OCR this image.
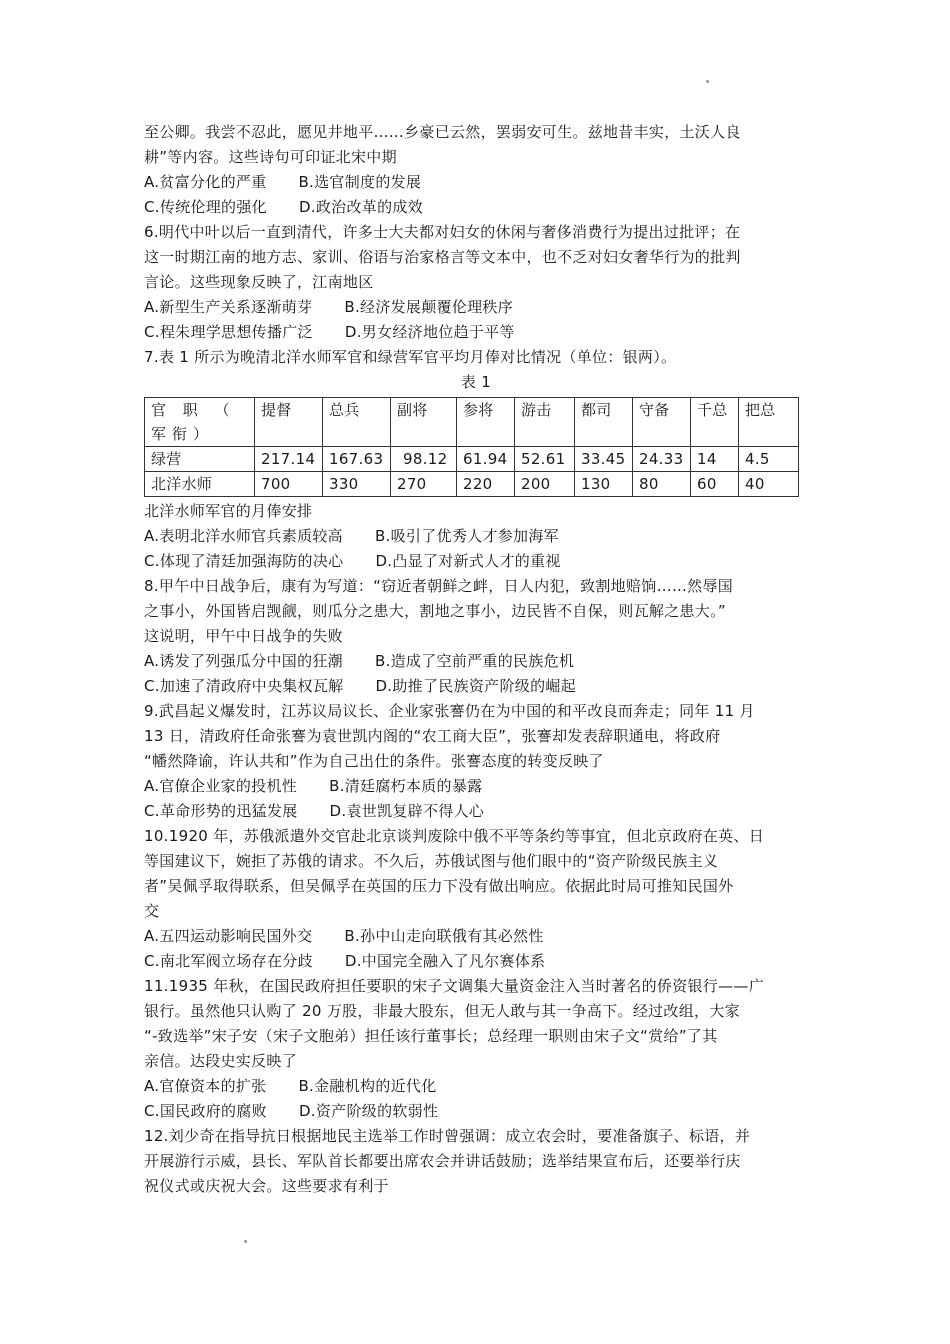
至公卿。我尝不忍此，愿见井地平……乡豪已云然，罢弱安可生。兹地昔丰实，土沃人良

耕”等内容。这些诗句可印证北宋中期

A.贫富分化的严重 B.选官制度的发展
C.传统伦理的强化 D.政治改革的成效

6.明代中叶以后一直到清代，许多士大夫都对妇女的休闲与奢侈消费行为提出过批评；在

这一时期江南的地方志、家训、俗语与治家格言等文本中，也不乏对妇女奢华行为的批判

言论。这些现象反映了，江南地区

A.新型生产关系逐渐萌芽 B.经济发展颠覆伦理秩序
C.程朱理学思想传播广泛 D.男女经济地位趋于平等

7.表 1 所示为晚清北洋水师军官和绿营军官平均月俸对比情况（单位：银两）。

表 1

官 职 （ 军衔）	提督	总兵	副将	参将	游击	都司	守备	千总	把总
绿营	217.14	167.63	98.12	61.94	52.61	33.45	24.33	14	4.5
北洋水师	700	330	270	220	200	130	80	60	40

北洋水师军官的月俸安排

A.表明北洋水师官兵素质较高 B.吸引了优秀人才参加海军
C.体现了清廷加强海防的决心 D.凸显了对新式人才的重视

8.甲午中日战争后，康有为写道：“窃近者朝鲜之衅，日人内犯，致割地赔饷……然辱国

之事小，外国皆启觊觎，则瓜分之患大，割地之事小，边民皆不自保，则瓦解之患大。”

这说明，甲午中日战争的失败

A.诱发了列强瓜分中国的狂潮 B.造成了空前严重的民族危机
C.加速了清政府中央集权瓦解 D.助推了民族资产阶级的崛起

9.武昌起义爆发时，江苏议局议长、企业家张謇仍在为中国的和平改良而奔走；同年 11 月

13 日，清政府任命张謇为袁世凯内阁的“农工商大臣”，张謇却发表辞职通电，将政府

“幡然降谕，许认共和”作为自己出仕的条件。张謇态度的转变反映了

A.官僚企业家的投机性 B.清廷腐朽本质的暴露
C.革命形势的迅猛发展 D.袁世凯复辟不得人心

10.1920 年，苏俄派遣外交官赴北京谈判废除中俄不平等条约等事宜，但北京政府在英、日

等国建议下，婉拒了苏俄的请求。不久后，苏俄试图与他们眼中的“资产阶级民族主义

者”吴佩孚取得联系，但吴佩孚在英国的压力下没有做出响应。依据此时局可推知民国外

交

A.五四运动影响民国外交 B.孙中山走向联俄有其必然性
C.南北军阀立场存在分歧 D.中国完全融入了凡尔赛体系

11.1935 年秋，在国民政府担任要职的宋子文调集大量资金注入当时著名的侨资银行——广

银行。虽然他只认购了 20 万股，非最大股东，但无人敢与其一争高下。经过改组，大家

“-致选举”宋子安（宋子文胞弟）担任该行董事长；总经理一职则由宋子文“赏给”了其

亲信。达段史实反映了

A.官僚资本的扩张 B.金融机构的近代化
C.国民政府的腐败 D.资产阶级的软弱性

12.刘少奇在指导抗日根据地民主选举工作时曾强调：成立农会时，要准备旗子、标语，并

开展游行示威，县长、军队首长都要出席农会并讲话鼓励；选举结果宣布后，还要举行庆

祝仪式或庆祝大会。这些要求有利于
